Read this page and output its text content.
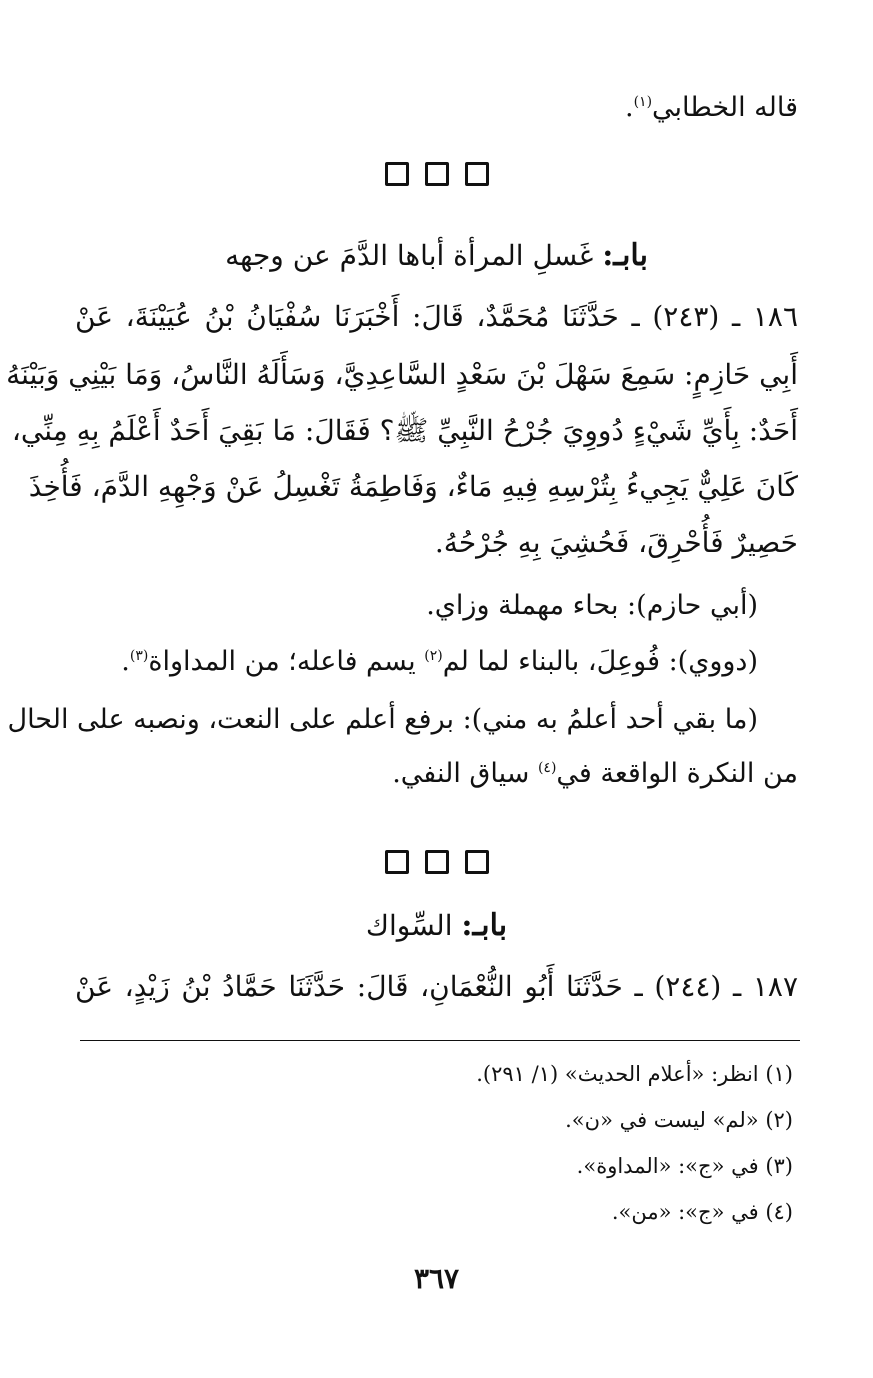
قاله الخطابي$^{(١)}$.
بابـ: غَسلِ المرأة أباها الدَّمَ عن وجهه
١٨٦ ـ (٢٤٣) ـ حَدَّثَنَا مُحَمَّدٌ، قَالَ: أَخْبَرَنَا سُفْيَانُ بْنُ عُيَيْنَةَ، عَنْ
أَبِي حَازِمٍ: سَمِعَ سَهْلَ بْنَ سَعْدٍ السَّاعِدِيَّ، وَسَأَلَهُ النَّاسُ، وَمَا بَيْنِي وَبَيْنَهُ
أَحَدٌ: بِأَيِّ شَيْءٍ دُووِيَ جُرْحُ النَّبِيِّ ﷺ؟ فَقَالَ: مَا بَقِيَ أَحَدٌ أَعْلَمُ بِهِ مِنِّي،
كَانَ عَلِيٌّ يَجِيءُ بِتُرْسِهِ فِيهِ مَاءٌ، وَفَاطِمَةُ تَغْسِلُ عَنْ وَجْهِهِ الدَّمَ، فَأُخِذَ
حَصِيرٌ فَأُحْرِقَ، فَحُشِيَ بِهِ جُرْحُهُ.
(أبي حازم): بحاء مهملة وزاي.
(دووي): فُوعِلَ، بالبناء لما لم$^{(٢)}$ يسم فاعله؛ من المداواة$^{(٣)}$.
(ما بقي أحد أعلمُ به مني): برفع أعلم على النعت، ونصبه على الحال
من النكرة الواقعة في$^{(٤)}$ سياق النفي.
بابـ: السِّواك
١٨٧ ـ (٢٤٤) ـ حَدَّثَنَا أَبُو النُّعْمَانِ، قَالَ: حَدَّثَنَا حَمَّادُ بْنُ زَيْدٍ، عَنْ
(١) انظر: «أعلام الحديث» (١/ ٢٩١).
(٢) «لم» ليست في «ن».
(٣) في «ج»: «المداوة».
(٤) في «ج»: «من».
٣٦٧
